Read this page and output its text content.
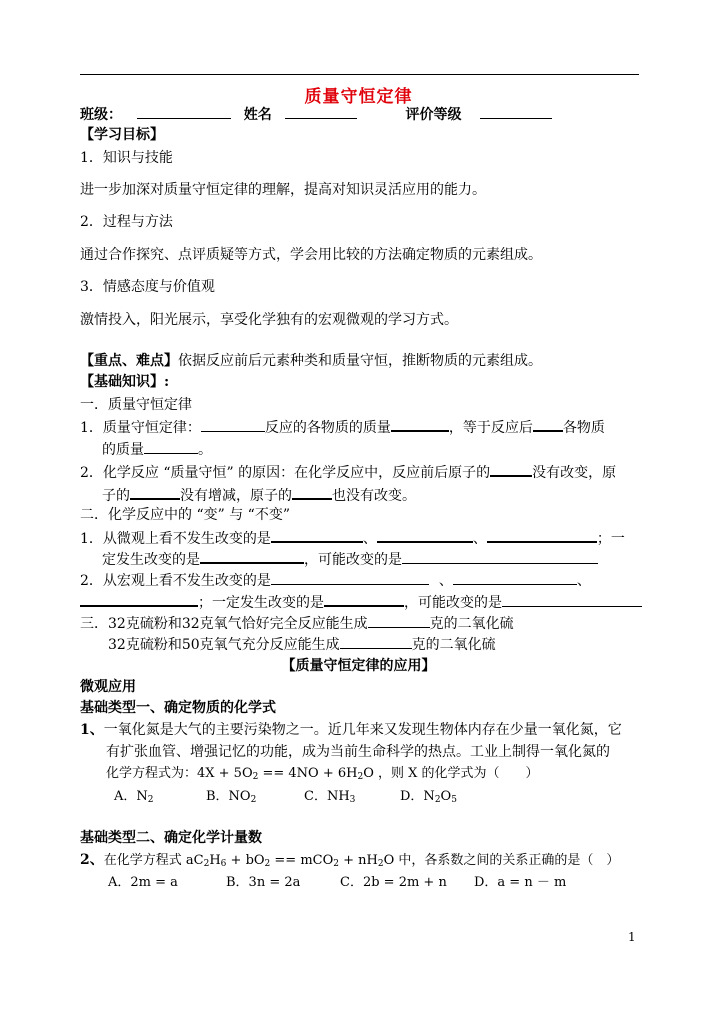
质量守恒定律
班级：	姓名	评价等级
【学习目标】
1．知识与技能
进一步加深对质量守恒定律的理解，提高对知识灵活应用的能力。
2．过程与方法
通过合作探究、点评质疑等方式，学会用比较的方法确定物质的元素组成。
3．情感态度与价值观
激情投入，阳光展示，享受化学独有的宏观微观的学习方式。
【重点、难点】依据反应前后元素种类和质量守恒，推断物质的元素组成。
【基础知识】:
一．质量守恒定律
1．质量守恒定律：	反应的各物质的质量	，等于反应后 各物质
的质量	。
2．化学反应 “质量守恒” 的原因：在化学反应中，反应前后原子的	没有改变，原
子的	没有增减，原子的	也没有改变。
二．化学反应中的 “变” 与 “不变”
1．从微观上看不发生改变的是	、	、	；一
定发生改变的是	，可能改变的是
2．从宏观上看不发生改变的是	、	、
；一定发生改变的是	，可能改变的是
三．32克硫粉和32克氧气恰好完全反应能生成	克的二氧化硫
32克硫粉和50克氧气充分反应能生成	克的二氧化硫
【质量守恒定律的应用】
微观应用
基础类型一、确定物质的化学式
1、一氧化氮是大气的主要污染物之一。近几年来又发现生物体内存在少量一氧化氮，它
有扩张血管、增强记忆的功能，成为当前生命科学的热点。工业上制得一氧化氮的
化学方程式为：$4X + 5O_2 == 4NO + 6H_2O$ ，则 X 的化学式为（　　）
A．$N_2$	B．$NO_2$	C．$NH_3$	D．$N_2O_5$
基础类型二、确定化学计量数
2、在化学方程式 $aC_2H_6 + bO_2 == mCO_2 + nH_2O$ 中，各系数之间的关系正确的是（　）
A．2m = a	B．3n = 2a	C．2b = 2m + n D．a = n － m
1
